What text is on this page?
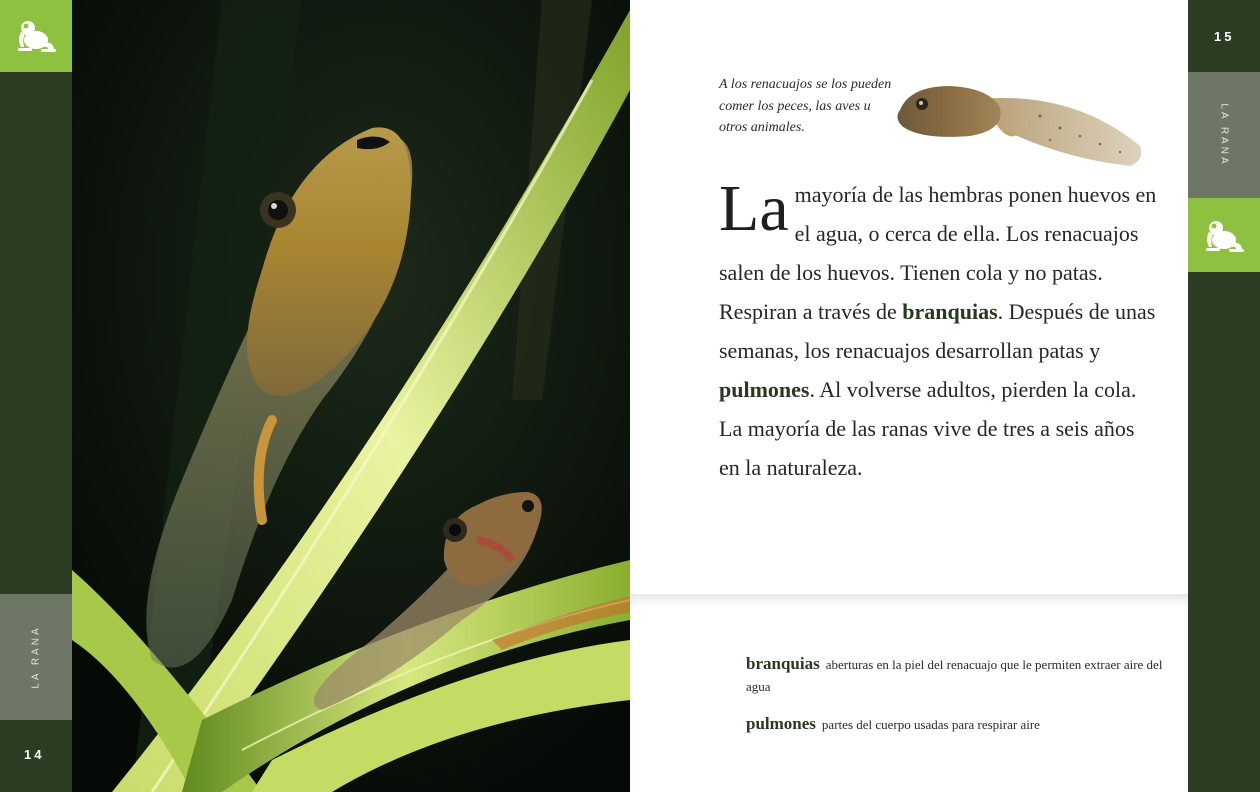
LA RANA
14
A los renacuajos se los pueden comer los peces, las aves u otros animales.
La mayoría de las hembras ponen huevos en el agua, o cerca de ella. Los renacuajos salen de los huevos. Tienen cola y no patas. Respiran a través de branquias. Después de unas semanas, los renacuajos desarrollan patas y pulmones. Al volverse adultos, pierden la cola. La mayoría de las ranas vive de tres a seis años en la naturaleza.
branquias aberturas en la piel del renacuajo que le permiten extraer aire del agua
pulmones partes del cuerpo usadas para respirar aire
LA RANA
15
